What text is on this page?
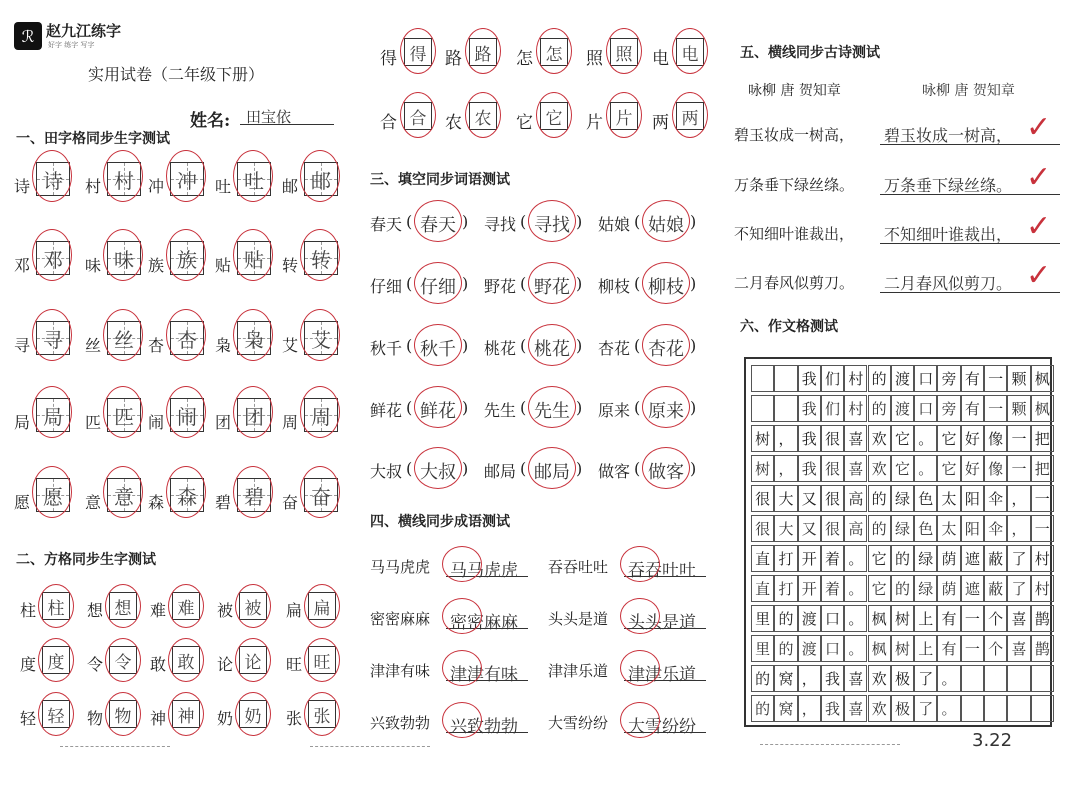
ℛ 赵九江练字
好字 练字 写字
实用试卷（二年级下册）
姓名: 田宝依
一、田字格同步生字测试
诗 诗 村 村 冲 冲 吐 吐 邮 邮
邓 邓 味 味 族 族 贴 贴 转 转
寻 寻 丝 丝 杏 杏 枭 枭 艾 艾
局 局 匹 匹 闹 闹 团 团 周 周
愿 愿 意 意 森 森 碧 碧 奋 奋
二、方格同步生字测试
柱 柱 想 想 难 难 被 被 扁 扁
度 度 令 令 敢 敢 论 论 旺 旺
轻 轻 物 物 神 神 奶 奶 张 张
得 得 路 路 怎 怎 照 照 电 电
合 合 农 农 它 它 片 片 两 两
三、填空同步词语测试
春天 ( 春天 ) 寻找 ( 寻找 ) 姑娘 ( 姑娘 )
仔细 ( 仔细 ) 野花 ( 野花 ) 柳枝 ( 柳枝 )
秋千 ( 秋千 ) 桃花 ( 桃花 ) 杏花 ( 杏花 )
鲜花 ( 鲜花 ) 先生 ( 先生 ) 原来 ( 原来 )
大叔 ( 大叔 ) 邮局 ( 邮局 ) 做客 ( 做客 )
四、横线同步成语测试
马马虎虎 马马虎虎 吞吞吐吐 吞吞吐吐
密密麻麻 密密麻麻 头头是道 头头是道
津津有味 津津有味 津津乐道 津津乐道
兴致勃勃 兴致勃勃 大雪纷纷 大雪纷纷
五、横线同步古诗测试
咏柳 唐 贺知章	咏柳 唐 贺知章
碧玉妆成一树高， 碧玉妆成一树高， ✓
万条垂下绿丝绦。 万条垂下绿丝绦。 ✓
不知细叶谁裁出， 不知细叶谁裁出， ✓
二月春风似剪刀。 二月春风似剪刀。 ✓
六、作文格测试
我 们 村 的 渡 口 旁 有 一 颗 枫
我 们 村 的 渡 口 旁 有 一 颗 枫
树 ， 我 很 喜 欢 它 。 它 好 像 一 把
树 ， 我 很 喜 欢 它 。 它 好 像 一 把
很 大 又 很 高 的 绿 色 太 阳 伞 ， 一
很 大 又 很 高 的 绿 色 太 阳 伞 ， 一
直 打 开 着 。 它 的 绿 荫 遮 蔽 了 村
直 打 开 着 。 它 的 绿 荫 遮 蔽 了 村
里 的 渡 口 。 枫 树 上 有 一 个 喜 鹊
里 的 渡 口 。 枫 树 上 有 一 个 喜 鹊
的 窝 ， 我 喜 欢 极 了 。
的 窝 ， 我 喜 欢 极 了 。
3.22
